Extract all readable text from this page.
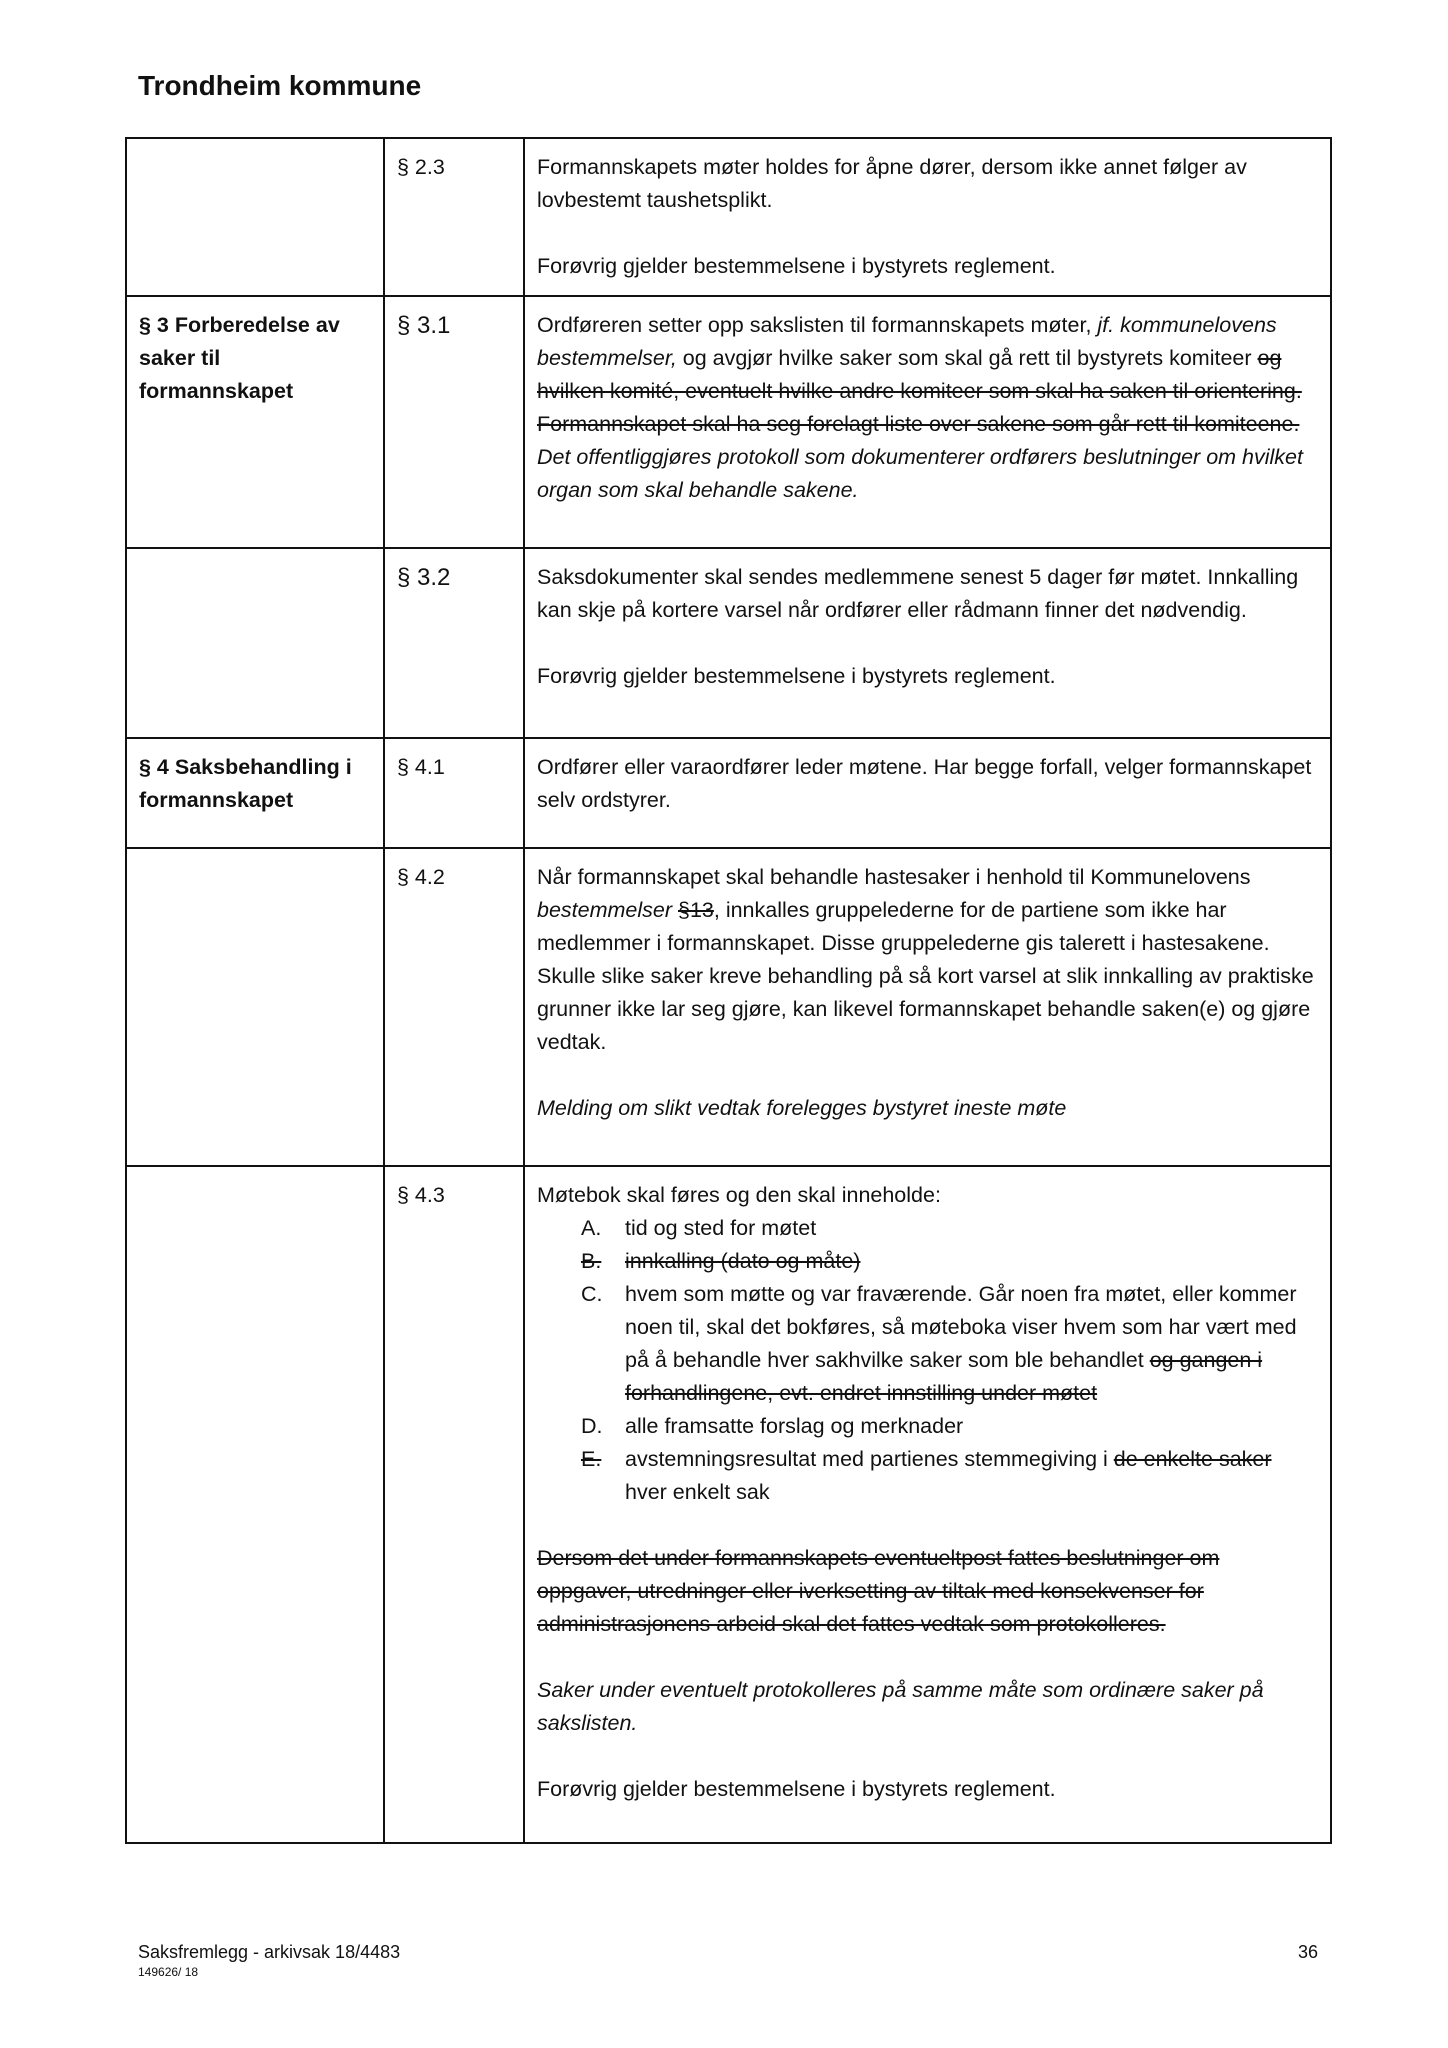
Trondheim kommune
	§ 2.3	Formannskapets møter holdes for åpne dører, dersom ikke annet følger av lovbestemt taushetsplikt.
Forøvrig gjelder bestemmelsene i bystyrets reglement.

§ 3 Forberedelse av saker til formannskapet	§ 3.1	Ordføreren setter opp sakslisten til formannskapets møter, jf. kommunelovens bestemmelser, og avgjør hvilke saker som skal gå rett til bystyrets komiteer og hvilken komité, eventuelt hvilke andre komiteer som skal ha saken til orientering. Formannskapet skal ha seg forelagt liste over sakene som går rett til komiteene. Det offentliggjøres protokoll som dokumenterer ordførers beslutninger om hvilket organ som skal behandle sakene.
	§ 3.2	Saksdokumenter skal sendes medlemmene senest 5 dager før møtet. Innkalling kan skje på kortere varsel når ordfører eller rådmann finner det nødvendig.
Forøvrig gjelder bestemmelsene i bystyrets reglement.

§ 4 Saksbehandling i formannskapet	§ 4.1	Ordfører eller varaordfører leder møtene. Har begge forfall, velger formannskapet selv ordstyrer.

	§ 4.2	Når formannskapet skal behandle hastesaker i henhold til Kommunelovens bestemmelser §13, innkalles gruppelederne for de partiene som ikke har medlemmer i formannskapet. Disse gruppelederne gis talerett i hastesakene. Skulle slike saker kreve behandling på så kort varsel at slik innkalling av praktiske grunner ikke lar seg gjøre, kan likevel formannskapet behandle saken(e) og gjøre vedtak.
Melding om slikt vedtak forelegges bystyret ineste møte

	§ 4.3	Møtebok skal føres og den skal inneholde:
A. tid og sted for møtet
B. innkalling (dato og måte)
C. hvem som møtte og var fraværende. Går noen fra møtet, eller kommer noen til, skal det bokføres, så møteboka viser hvem som har vært med på å behandle hver sakhvilke saker som ble behandlet og gangen i forhandlingene, evt. endret innstilling under møtet
D. alle framsatte forslag og merknader
E. avstemningsresultat med partienes stemmegiving i de enkelte saker hver enkelt sak
Dersom det under formannskapets eventueltpost fattes beslutninger om oppgaver, utredninger eller iverksetting av tiltak med konsekvenser for administrasjonens arbeid skal det fattes vedtak som protokolleres.
Saker under eventuelt protokolleres på samme måte som ordinære saker på sakslisten.
Forøvrig gjelder bestemmelsene i bystyrets reglement.
Saksfremlegg - arkivsak 18/4483
149626/ 18
36
